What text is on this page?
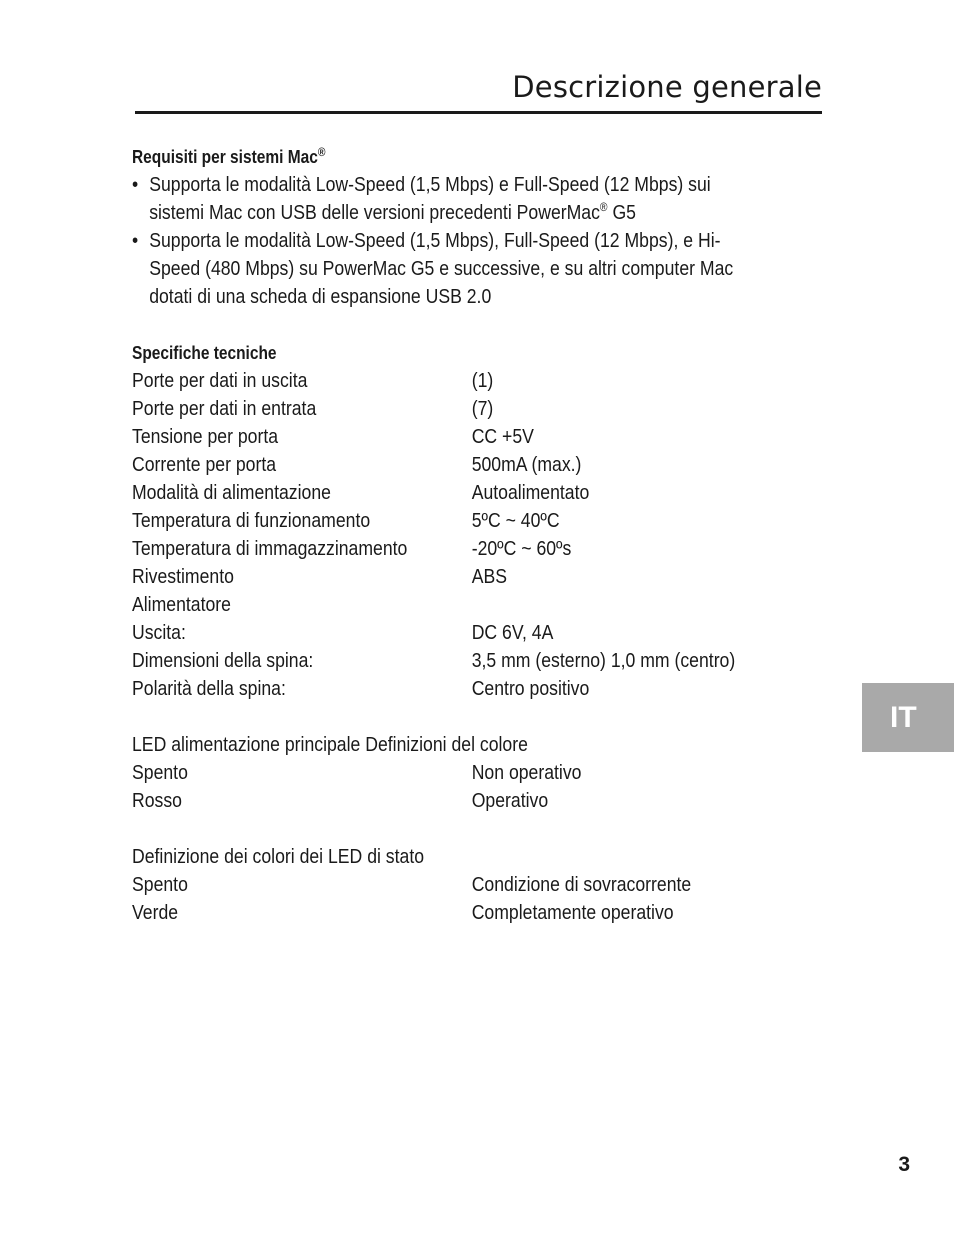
Descrizione generale

Requisiti per sistemi Mac®

• Supporta le modalità Low-Speed (1,5 Mbps) e Full-Speed (12 Mbps) sui
sistemi Mac con USB delle versioni precedenti PowerMac® G5
• Supporta le modalità Low-Speed (1,5 Mbps), Full-Speed (12 Mbps), e Hi-
Speed (480 Mbps) su PowerMac G5 e successive, e su altri computer Mac
dotati di una scheda di espansione USB 2.0

Specifiche tecniche

Porte per dati in uscita	(1)
Porte per dati in entrata	(7)
Tensione per porta	CC +5V
Corrente per porta	500mA (max.)
Modalità di alimentazione	Autoalimentato
Temperatura di funzionamento	5ºC ~ 40ºC
Temperatura di immagazzinamento	-20ºC ~ 60ºs
Rivestimento	ABS
Alimentatore
Uscita:	DC 6V, 4A
Dimensioni della spina:	3,5 mm (esterno) 1,0 mm (centro)
Polarità della spina:	Centro positivo
LED alimentazione principale Definizioni del colore
Spento	Non operativo
Rosso	Operativo
Definizione dei colori dei LED di stato
Spento	Condizione di sovracorrente
Verde	Completamente operativo
IT
3
